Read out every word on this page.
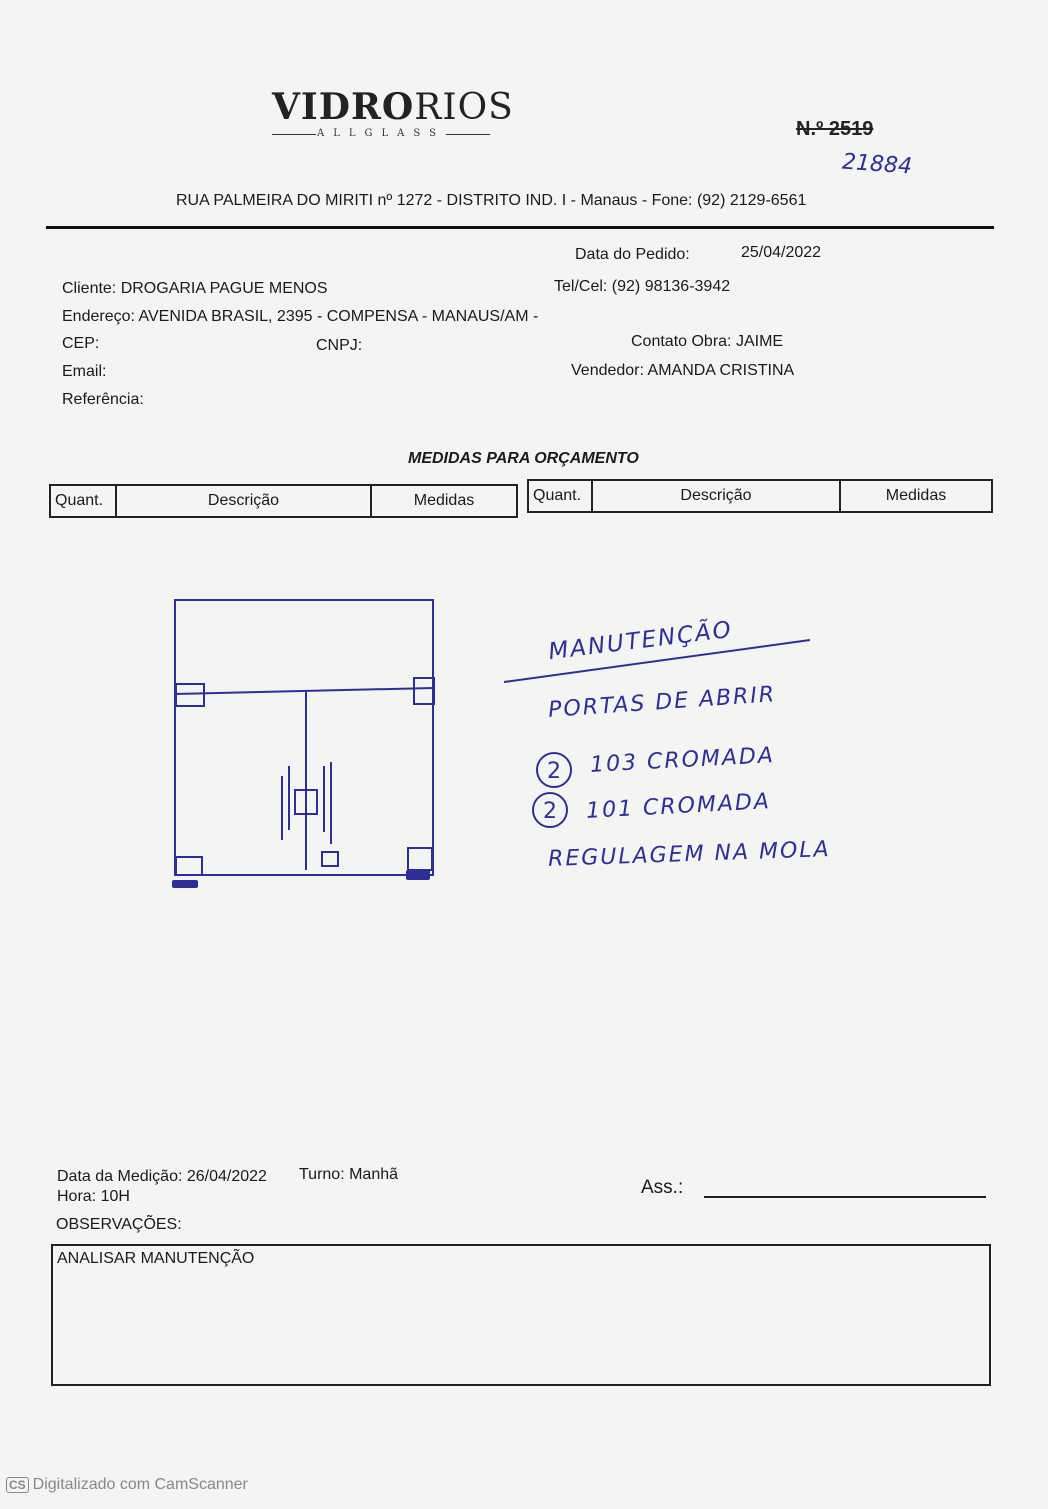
VIDRORIOS
ALLGLASS	N.º 2519
21884
RUA PALMEIRA DO MIRITI nº 1272 - DISTRITO IND. I - Manaus - Fone: (92) 2129-6561
Data do Pedido:	25/04/2022
Cliente: DROGARIA PAGUE MENOS	Tel/Cel: (92) 98136-3942
Endereço: AVENIDA BRASIL, 2395 - COMPENSA - MANAUS/AM -
CEP:	CNPJ:	Contato Obra: JAIME
Email:	Vendedor: AMANDA CRISTINA
Referência:
MEDIDAS PARA ORÇAMENTO
Quant.	Descrição	Medidas	Quant.	Descrição	Medidas
MANUTENÇÃO
PORTAS DE ABRIR
2 103 CROMADA
2 101 CROMADA
REGULAGEM NA MOLA
Data da Medição: 26/04/2022 Turno: Manhã
Hora: 10H	Ass.:
OBSERVAÇÕES:
ANALISAR MANUTENÇÃO
CS Digitalizado com CamScanner
